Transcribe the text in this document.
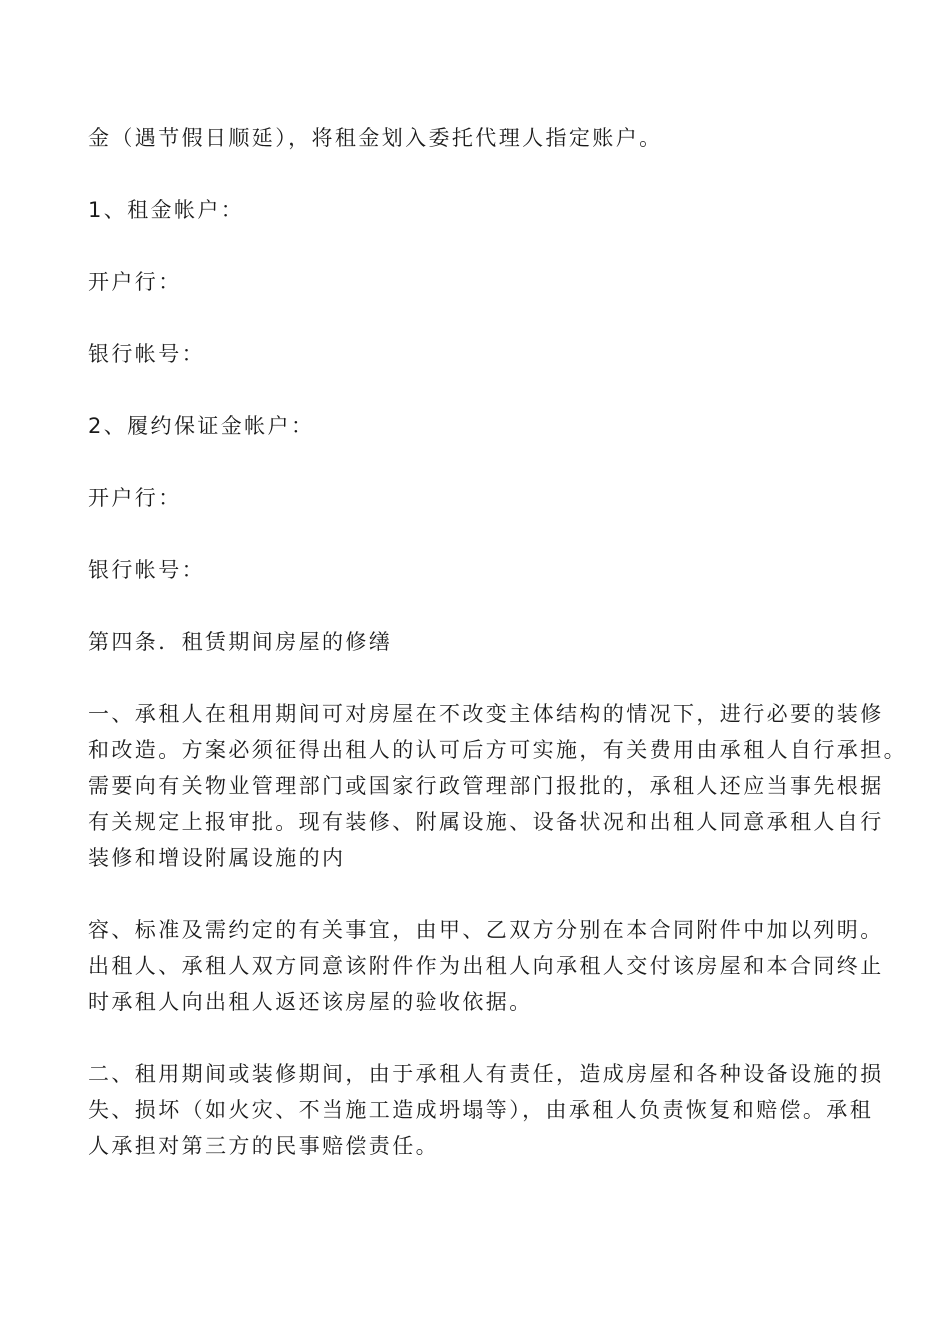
金（遇节假日顺延），将租金划入委托代理人指定账户。

1、租金帐户：

开户行：

银行帐号：

2、履约保证金帐户：

开户行：

银行帐号：

第四条．租赁期间房屋的修缮

一、承租人在租用期间可对房屋在不改变主体结构的情况下，进行必要的装修
和改造。方案必须征得出租人的认可后方可实施，有关费用由承租人自行承担。
需要向有关物业管理部门或国家行政管理部门报批的，承租人还应当事先根据
有关规定上报审批。现有装修、附属设施、设备状况和出租人同意承租人自行
装修和增设附属设施的内

容、标准及需约定的有关事宜，由甲、乙双方分别在本合同附件中加以列明。
出租人、承租人双方同意该附件作为出租人向承租人交付该房屋和本合同终止
时承租人向出租人返还该房屋的验收依据。

二、租用期间或装修期间，由于承租人有责任，造成房屋和各种设备设施的损
失、损坏（如火灾、不当施工造成坍塌等），由承租人负责恢复和赔偿。承租
人承担对第三方的民事赔偿责任。
